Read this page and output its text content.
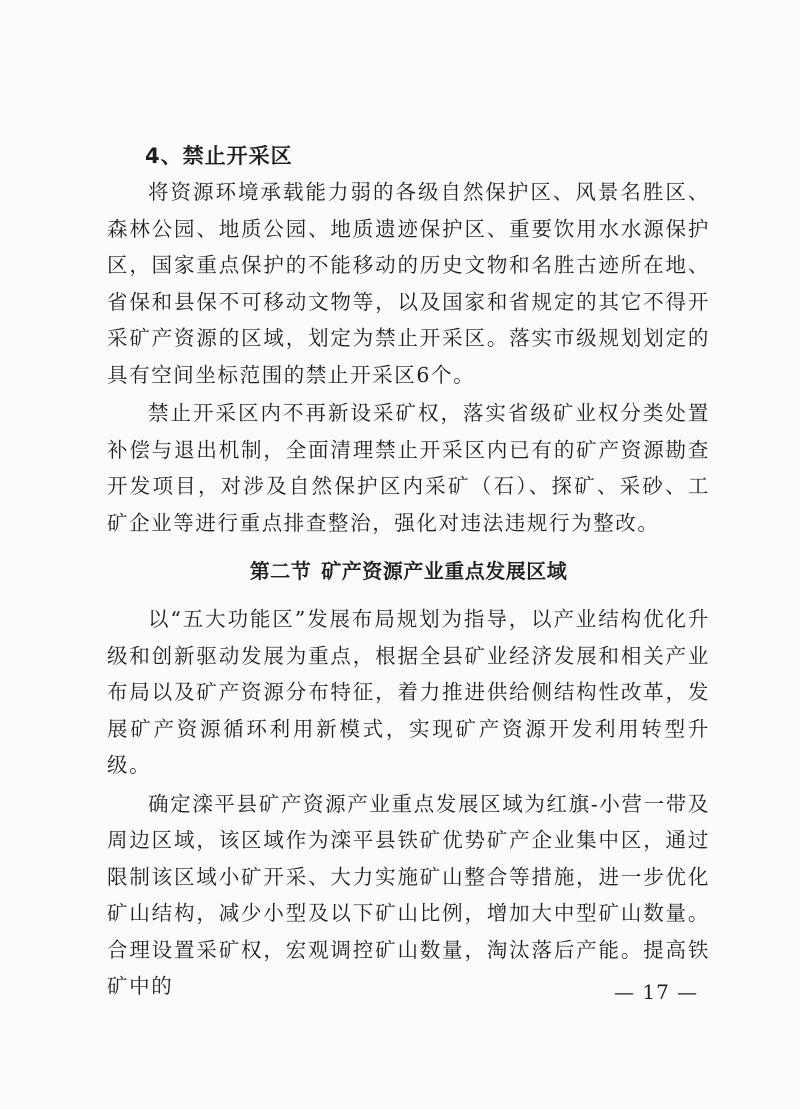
4、禁止开采区

将资源环境承载能力弱的各级自然保护区、风景名胜区、森林公园、地质公园、地质遗迹保护区、重要饮用水水源保护区，国家重点保护的不能移动的历史文物和名胜古迹所在地、省保和县保不可移动文物等，以及国家和省规定的其它不得开采矿产资源的区域，划定为禁止开采区。落实市级规划划定的具有空间坐标范围的禁止开采区6个。

禁止开采区内不再新设采矿权，落实省级矿业权分类处置补偿与退出机制，全面清理禁止开采区内已有的矿产资源勘查开发项目，对涉及自然保护区内采矿（石）、探矿、采砂、工矿企业等进行重点排查整治，强化对违法违规行为整改。

第二节 矿产资源产业重点发展区域

以“五大功能区”发展布局规划为指导，以产业结构优化升级和创新驱动发展为重点，根据全县矿业经济发展和相关产业布局以及矿产资源分布特征，着力推进供给侧结构性改革，发展矿产资源循环利用新模式，实现矿产资源开发利用转型升级。

确定滦平县矿产资源产业重点发展区域为红旗-小营一带及周边区域，该区域作为滦平县铁矿优势矿产企业集中区，通过限制该区域小矿开采、大力实施矿山整合等措施，进一步优化矿山结构，减少小型及以下矿山比例，增加大中型矿山数量。合理设置采矿权，宏观调控矿山数量，淘汰落后产能。提高铁矿中的	— 17 —
